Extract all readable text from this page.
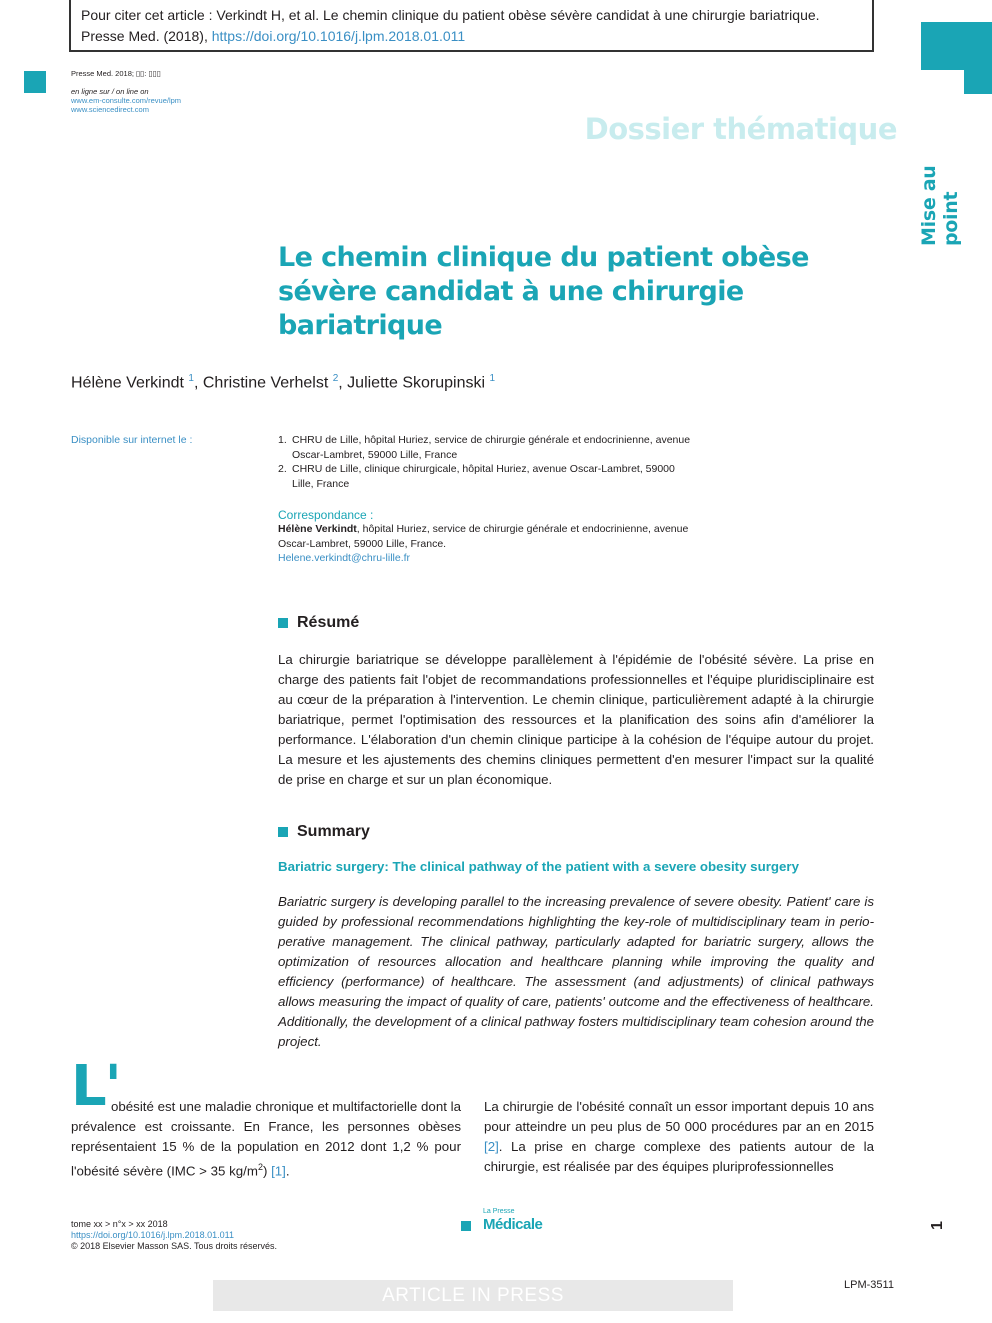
Pour citer cet article : Verkindt H, et al. Le chemin clinique du patient obèse sévère candidat à une chirurgie bariatrique. Presse Med. (2018), https://doi.org/10.1016/j.lpm.2018.01.011
Presse Med. 2018; ▯▯: ▯▯▯
en ligne sur / on line on
www.em-consulte.com/revue/lpm
www.sciencedirect.com
Dossier thématique
Mise au point
Le chemin clinique du patient obèse sévère candidat à une chirurgie bariatrique
Hélène Verkindt $^1$, Christine Verhelst $^2$, Juliette Skorupinski $^1$
Disponible sur internet le :	1. CHRU de Lille, hôpital Huriez, service de chirurgie générale et endocrinienne, avenue Oscar-Lambret, 59000 Lille, France
2. CHRU de Lille, clinique chirurgicale, hôpital Huriez, avenue Oscar-Lambret, 59000 Lille, France
Correspondance :
Hélène Verkindt, hôpital Huriez, service de chirurgie générale et endocrinienne, avenue Oscar-Lambret, 59000 Lille, France.
Helene.verkindt@chru-lille.fr
Résumé
La chirurgie bariatrique se développe parallèlement à l'épidémie de l'obésité sévère. La prise en charge des patients fait l'objet de recommandations professionnelles et l'équipe pluridisciplinaire est au cœur de la préparation à l'intervention. Le chemin clinique, particulièrement adapté à la chirurgie bariatrique, permet l'optimisation des ressources et la planification des soins afin d'améliorer la performance. L'élaboration d'un chemin clinique participe à la cohésion de l'équipe autour du projet. La mesure et les ajustements des chemins cliniques permettent d'en mesurer l'impact sur la qualité de prise en charge et sur un plan économique.
Summary
Bariatric surgery: The clinical pathway of the patient with a severe obesity surgery
Bariatric surgery is developing parallel to the increasing prevalence of severe obesity. Patient' care is guided by professional recommendations highlighting the key-role of multidisciplinary team in perio-perative management. The clinical pathway, particularly adapted for bariatric surgery, allows the optimization of resources allocation and healthcare planning while improving the quality and efficiency (performance) of healthcare. The assessment (and adjustments) of clinical pathways allows measuring the impact of quality of care, patients' outcome and the effectiveness of healthcare. Additionally, the development of a clinical pathway fosters multidisciplinary team cohesion around the project.
L'
obésité est une maladie chronique et multifactorielle dont la prévalence est croissante. En France, les personnes obèses représentaient 15 % de la population en 2012 dont 1,2 % pour l'obésité sévère (IMC > 35 $kg/m^2$) [1].
La chirurgie de l'obésité connaît un essor important depuis 10 ans pour atteindre un peu plus de 50 000 procédures par an en 2015 [2]. La prise en charge complexe des patients autour de la chirurgie, est réalisée par des équipes pluriprofessionnelles
tome xx > n°x > xx 2018
https://doi.org/10.1016/j.lpm.2018.01.011
© 2018 Elsevier Masson SAS. Tous droits réservés.
La Presse
Médicale	1
ARTICLE IN PRESS	LPM-3511
